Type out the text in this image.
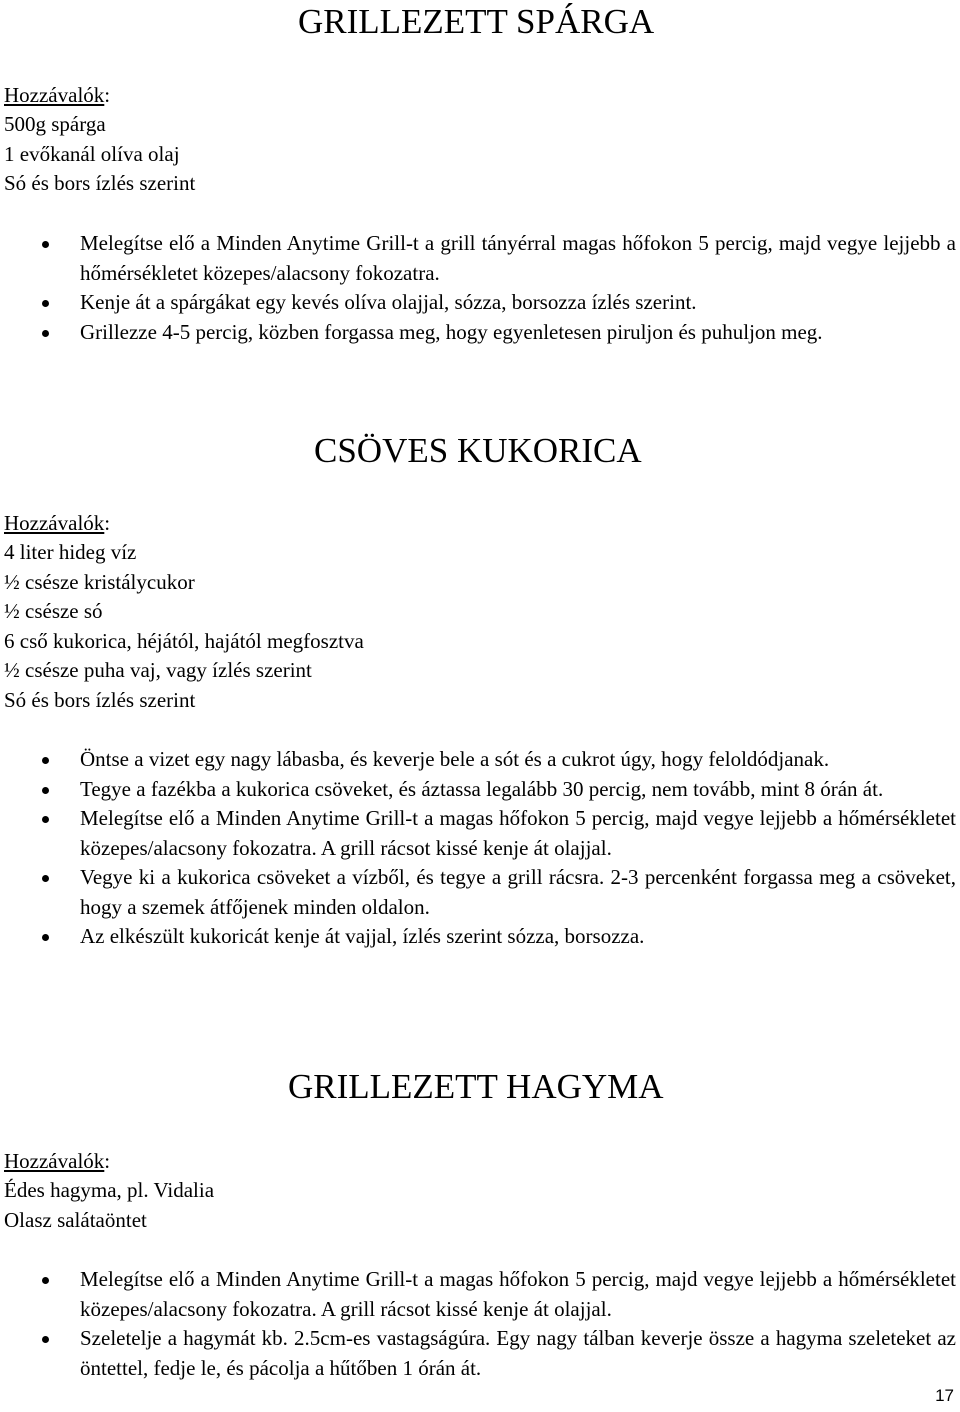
GRILLEZETT SPÁRGA
Hozzávalók:
500g spárga
1 evőkanál olíva olaj
Só és bors ízlés szerint
Melegítse elő a Minden Anytime Grill-t a grill tányérral magas hőfokon 5 percig, majd vegye lejjebb a hőmérsékletet közepes/alacsony fokozatra.
Kenje át a spárgákat egy kevés olíva olajjal, sózza, borsozza ízlés szerint.
Grillezze 4-5 percig, közben forgassa meg, hogy egyenletesen piruljon és puhuljon meg.
CSÖVES KUKORICA
Hozzávalók:
4 liter hideg víz
½ csésze kristálycukor
½ csésze só
6 cső kukorica, héjától, hajától megfosztva
½ csésze puha vaj, vagy ízlés szerint
Só és bors ízlés szerint
Öntse a vizet egy nagy lábasba, és keverje bele a sót és a cukrot úgy, hogy feloldódjanak.
Tegye a fazékba a kukorica csöveket, és áztassa legalább 30 percig, nem tovább, mint 8 órán át.
Melegítse elő a Minden Anytime Grill-t a magas hőfokon 5 percig, majd vegye lejjebb a hőmérsékletet közepes/alacsony fokozatra. A grill rácsot kissé kenje át olajjal.
Vegye ki a kukorica csöveket a vízből, és tegye a grill rácsra. 2-3 percenként forgassa meg a csöveket, hogy a szemek átfőjenek minden oldalon.
Az elkészült kukoricát kenje át vajjal, ízlés szerint sózza, borsozza.
GRILLEZETT HAGYMA
Hozzávalók:
Édes hagyma, pl. Vidalia
Olasz salátaöntet
Melegítse elő a Minden Anytime Grill-t a magas hőfokon 5 percig, majd vegye lejjebb a hőmérsékletet közepes/alacsony fokozatra. A grill rácsot kissé kenje át olajjal.
Szeletelje a hagymát kb. 2.5cm-es vastagságúra. Egy nagy tálban keverje össze a hagyma szeleteket az öntettel, fedje le, és pácolja a hűtőben 1 órán át.
17
